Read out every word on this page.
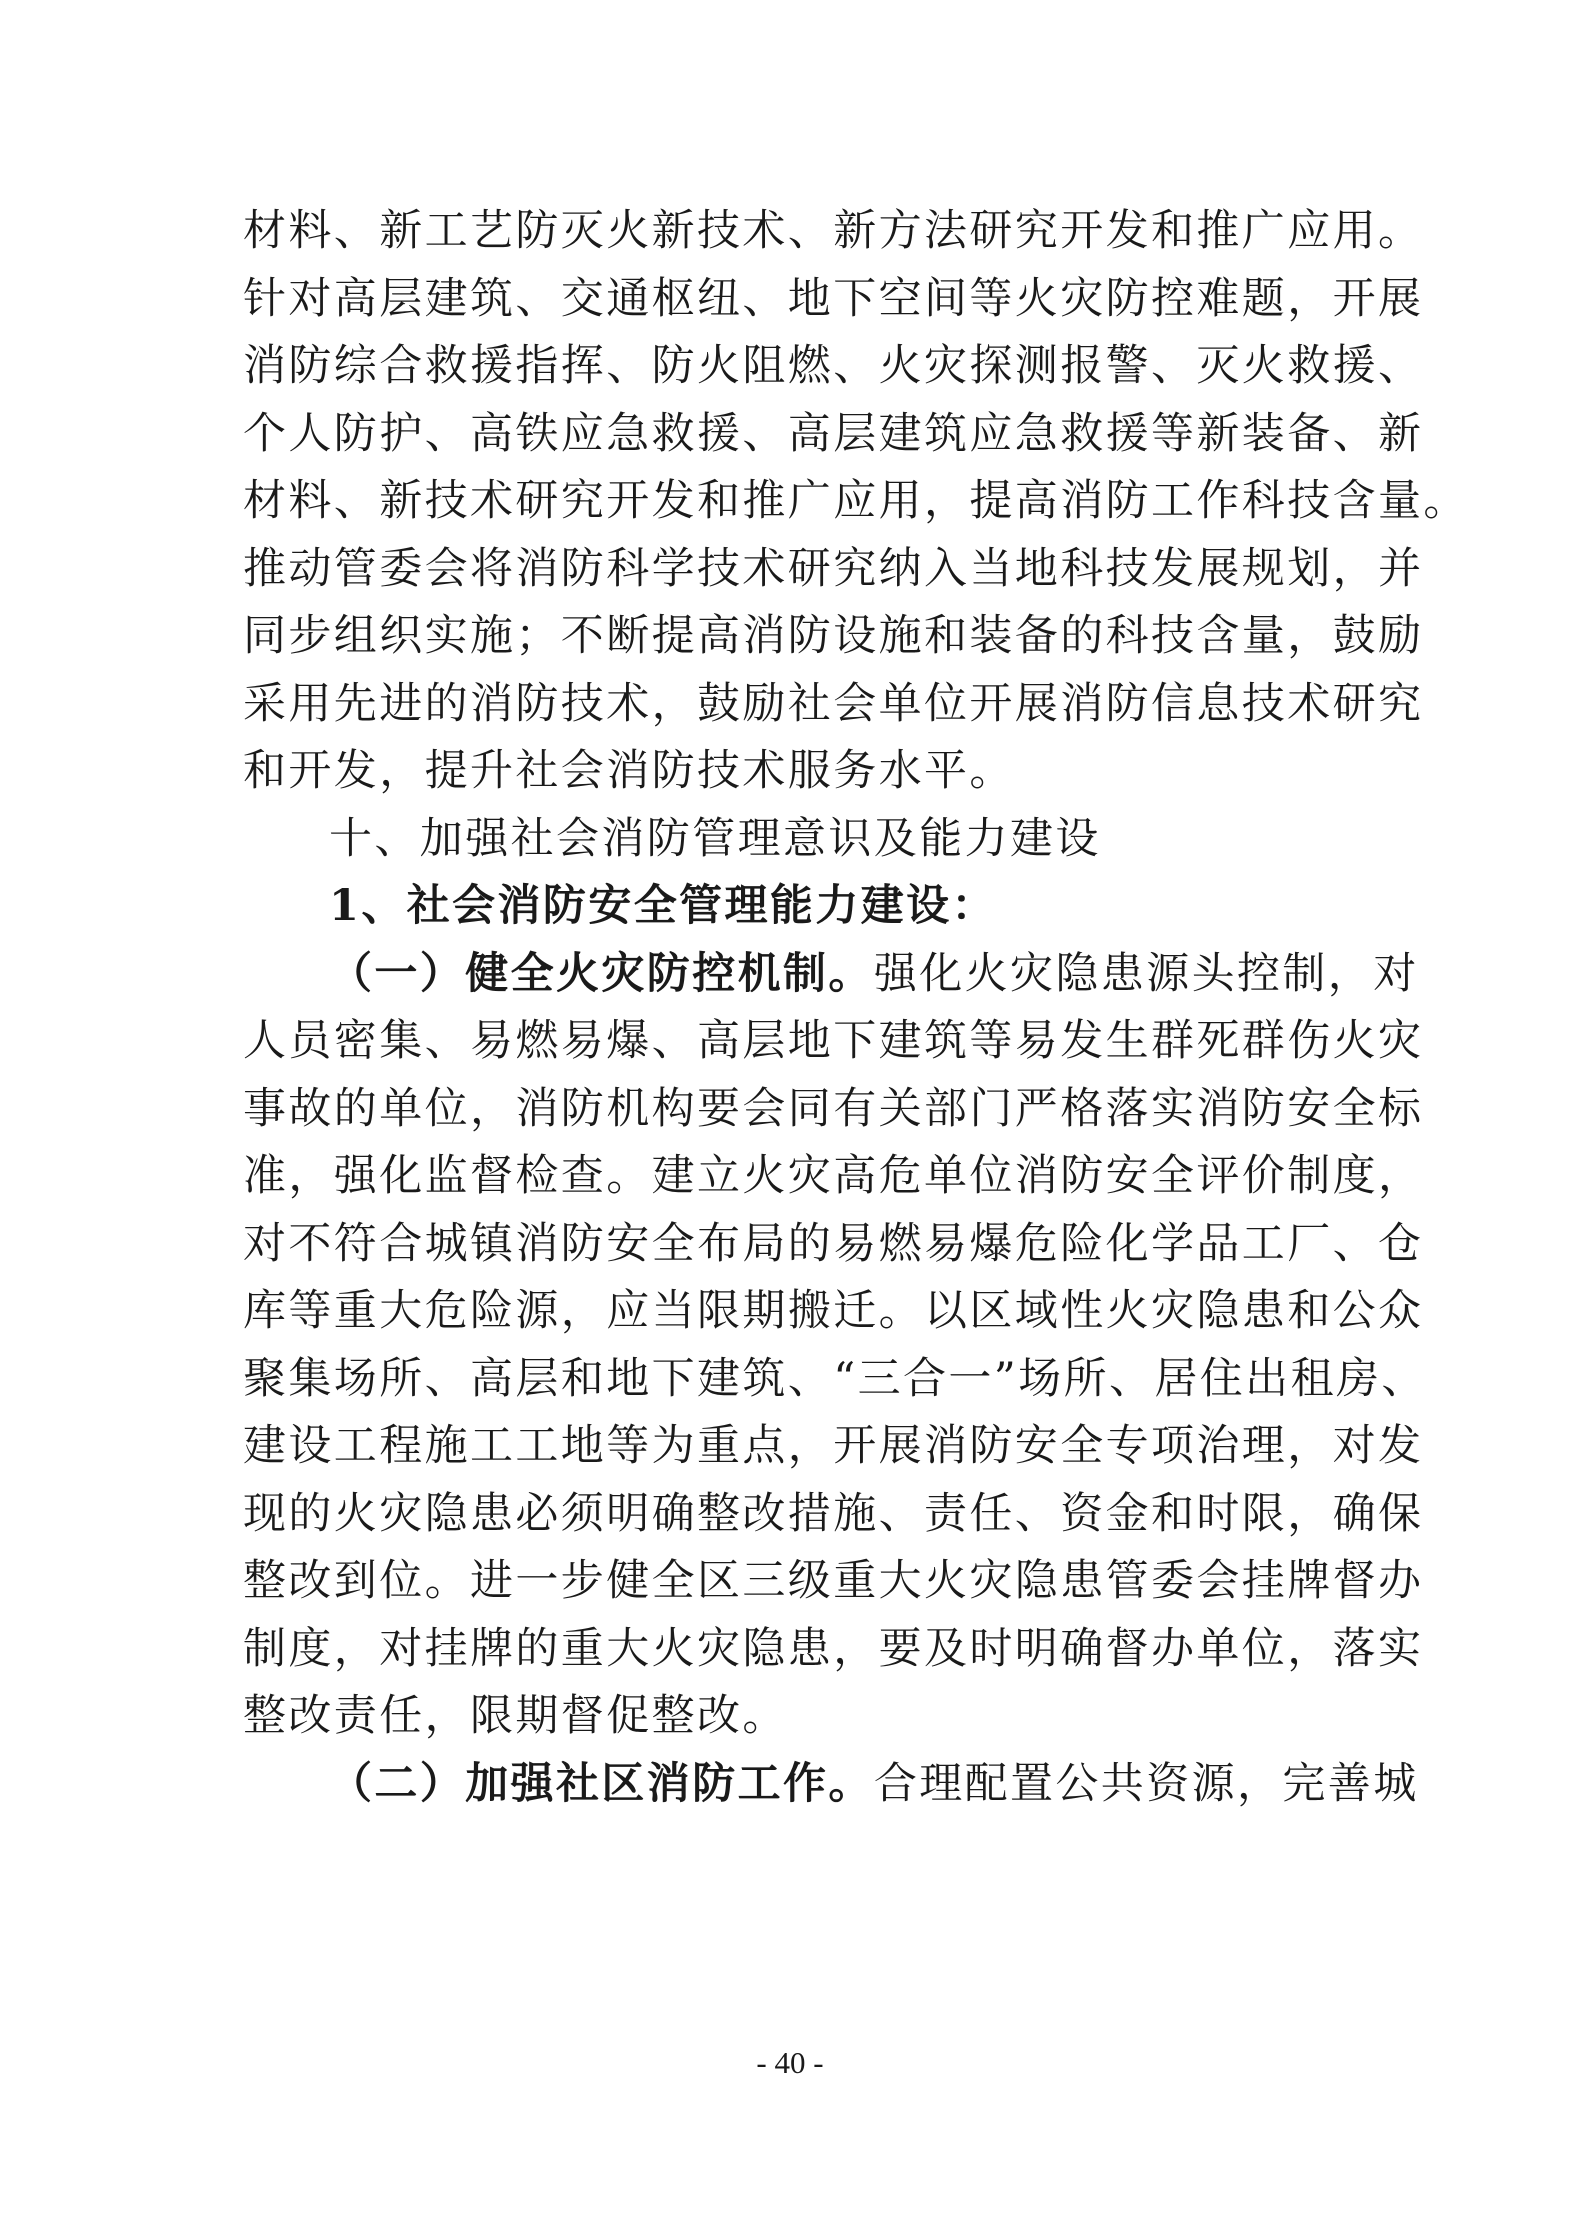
材料、新工艺防灭火新技术、新方法研究开发和推广应用。
针对高层建筑、交通枢纽、地下空间等火灾防控难题，开展
消防综合救援指挥、防火阻燃、火灾探测报警、灭火救援、
个人防护、高铁应急救援、高层建筑应急救援等新装备、新
材料、新技术研究开发和推广应用，提高消防工作科技含量。
推动管委会将消防科学技术研究纳入当地科技发展规划，并
同步组织实施；不断提高消防设施和装备的科技含量，鼓励
采用先进的消防技术，鼓励社会单位开展消防信息技术研究
和开发，提升社会消防技术服务水平。
十、加强社会消防管理意识及能力建设
1、社会消防安全管理能力建设：
（一）健全火灾防控机制。强化火灾隐患源头控制，对
人员密集、易燃易爆、高层地下建筑等易发生群死群伤火灾
事故的单位，消防机构要会同有关部门严格落实消防安全标
准，强化监督检查。建立火灾高危单位消防安全评价制度，
对不符合城镇消防安全布局的易燃易爆危险化学品工厂、仓
库等重大危险源，应当限期搬迁。以区域性火灾隐患和公众
聚集场所、高层和地下建筑、“三合一”场所、居住出租房、
建设工程施工工地等为重点，开展消防安全专项治理，对发
现的火灾隐患必须明确整改措施、责任、资金和时限，确保
整改到位。进一步健全区三级重大火灾隐患管委会挂牌督办
制度，对挂牌的重大火灾隐患，要及时明确督办单位，落实
整改责任，限期督促整改。
（二）加强社区消防工作。合理配置公共资源，完善城
- 40 -
